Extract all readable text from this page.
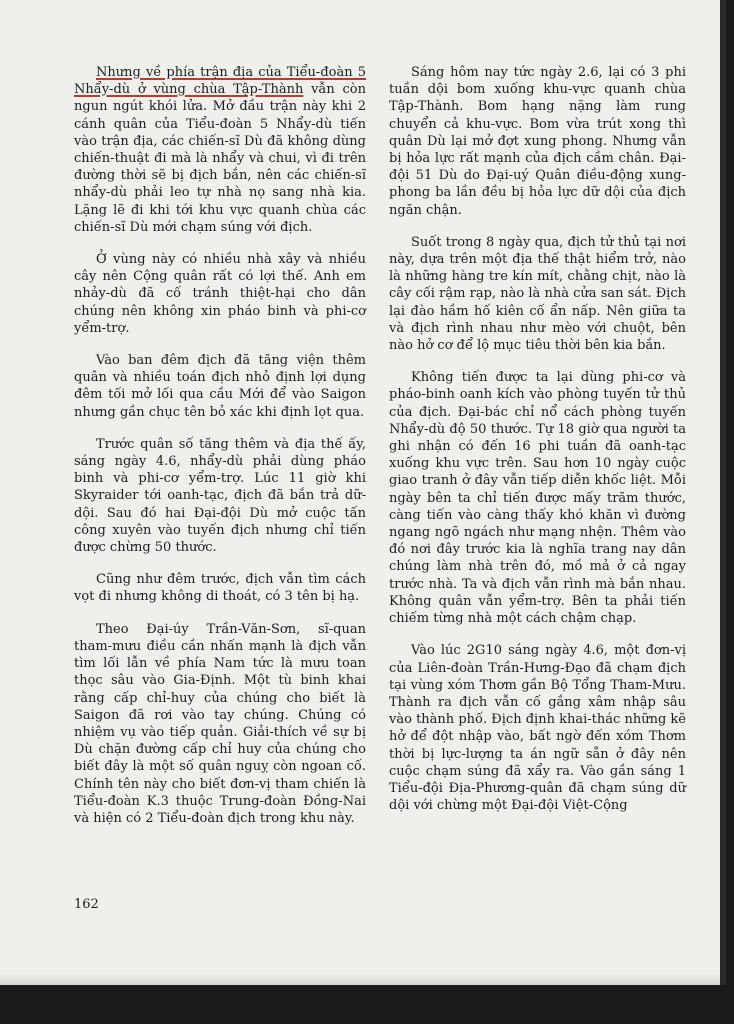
Nhưng về phía trận địa của Tiểu-đoàn 5 Nhẩy-dù ở vùng chùa Tập-Thành vẫn còn ngun ngút khói lửa. Mở đầu trận này khi 2 cánh quân của Tiểu-đoàn 5 Nhẩy-dù tiến vào trận địa, các chiến-sĩ Dù đã không dùng chiến-thuật đi mà là nhẩy và chui, vì đi trên đường thời sẽ bị địch bắn, nên các chiến-sĩ nhẩy-dù phải leo tự nhà nọ sang nhà kia. Lặng lẽ đi khi tới khu vực quanh chùa các chiến-sĩ Dù mới chạm súng với địch.

Ở vùng này có nhiều nhà xây và nhiều cây nên Cộng quân rất có lợi thế. Anh em nhảy-dù đã cố tránh thiệt-hại cho dân chúng nên không xin pháo binh và phi-cơ yểm-trợ.

Vào ban đêm địch đã tăng viện thêm quân và nhiều toán địch nhỏ định lợi dụng đêm tối mở lối qua cầu Mới để vào Saigon nhưng gần chục tên bỏ xác khi định lọt qua.

Trước quân số tăng thêm và địa thế ấy, sáng ngày 4.6, nhẩy-dù phải dùng pháo binh và phi-cơ yểm-trợ. Lúc 11 giờ khi Skyraider tới oanh-tạc, địch đã bắn trả dữ-dội. Sau đó hai Đại-đội Dù mở cuộc tấn công xuyên vào tuyến địch nhưng chỉ tiến được chừng 50 thước.

Cũng như đêm trước, địch vẫn tìm cách vọt đi nhưng không di thoát, có 3 tên bị hạ.

Theo Đại-úy Trần-Văn-Sơn, sĩ-quan tham-mưu điều cần nhấn mạnh là địch vẫn tìm lối lẫn về phía Nam tức là mưu toan thọc sâu vào Gia-Định. Một tù binh khai rằng cấp chỉ-huy của chúng cho biết là Saigon đã rơi vào tay chúng. Chúng có nhiệm vụ vào tiếp quản. Giải-thích về sự bị Dù chặn đường cấp chỉ huy của chúng cho biết đây là một số quân nguỵ còn ngoan cố. Chính tên này cho biết đơn-vị tham chiến là Tiểu-đoàn K.3 thuộc Trung-đoàn Đồng-Nai và hiện có 2 Tiểu-đoàn địch trong khu này.

Sáng hôm nay tức ngày 2.6, lại có 3 phi tuần dội bom xuống khu-vực quanh chùa Tập-Thành. Bom hạng nặng làm rung chuyển cả khu-vực. Bom vừa trút xong thì quân Dù lại mở đợt xung phong. Nhưng vẫn bị hỏa lực rất mạnh của địch cầm chân. Đại-đội 51 Dù do Đại-uý Quân điều-động xung-phong ba lần đều bị hỏa lực dữ dội của địch ngăn chận.

Suốt trong 8 ngày qua, địch tử thủ tại nơi này, dựa trên một địa thế thật hiểm trở, nào là những hàng tre kín mít, chằng chịt, nào là cây cối rậm rạp, nào là nhà cửa san sát. Địch lại đào hầm hố kiên cố ẩn nấp. Nên giữa ta và địch rình nhau như mèo với chuột, bên nào hở cơ để lộ mục tiêu thời bên kia bắn.

Không tiến được ta lại dùng phi-cơ và pháo-binh oanh kích vào phòng tuyến tử thủ của địch. Đại-bác chỉ nổ cách phòng tuyến Nhẩy-dù độ 50 thước. Tự 18 giờ qua người ta ghi nhận có đến 16 phi tuần đã oanh-tạc xuống khu vực trên. Sau hơn 10 ngày cuộc giao tranh ở đây vẫn tiếp diễn khốc liệt. Mỗi ngày bên ta chỉ tiến được mấy trăm thước, càng tiến vào càng thấy khó khăn vì đường ngang ngõ ngách như mạng nhện. Thêm vào đó nơi đây trước kia là nghĩa trang nay dân chúng làm nhà trên đó, mồ mả ở cả ngay trước nhà. Ta và địch vẫn rình mà bắn nhau. Không quân vẫn yểm-trợ. Bên ta phải tiến chiếm từng nhà một cách chậm chạp.

Vào lúc 2G10 sáng ngày 4.6, một đơn-vị của Liên-đoàn Trần-Hưng-Đạo đã chạm địch tại vùng xóm Thơm gần Bộ Tổng Tham-Mưu. Thành ra địch vẫn cố gắng xâm nhập sâu vào thành phố. Địch định khai-thác những kẽ hở để đột nhập vào, bất ngờ đến xóm Thơm thời bị lực-lượng ta án ngữ sẵn ở đây nên cuộc chạm súng đã xẩy ra. Vào gần sáng 1 Tiểu-đội Địa-Phương-quân đã chạm súng dữ dội với chừng một Đại-đội Việt-Cộng

162
